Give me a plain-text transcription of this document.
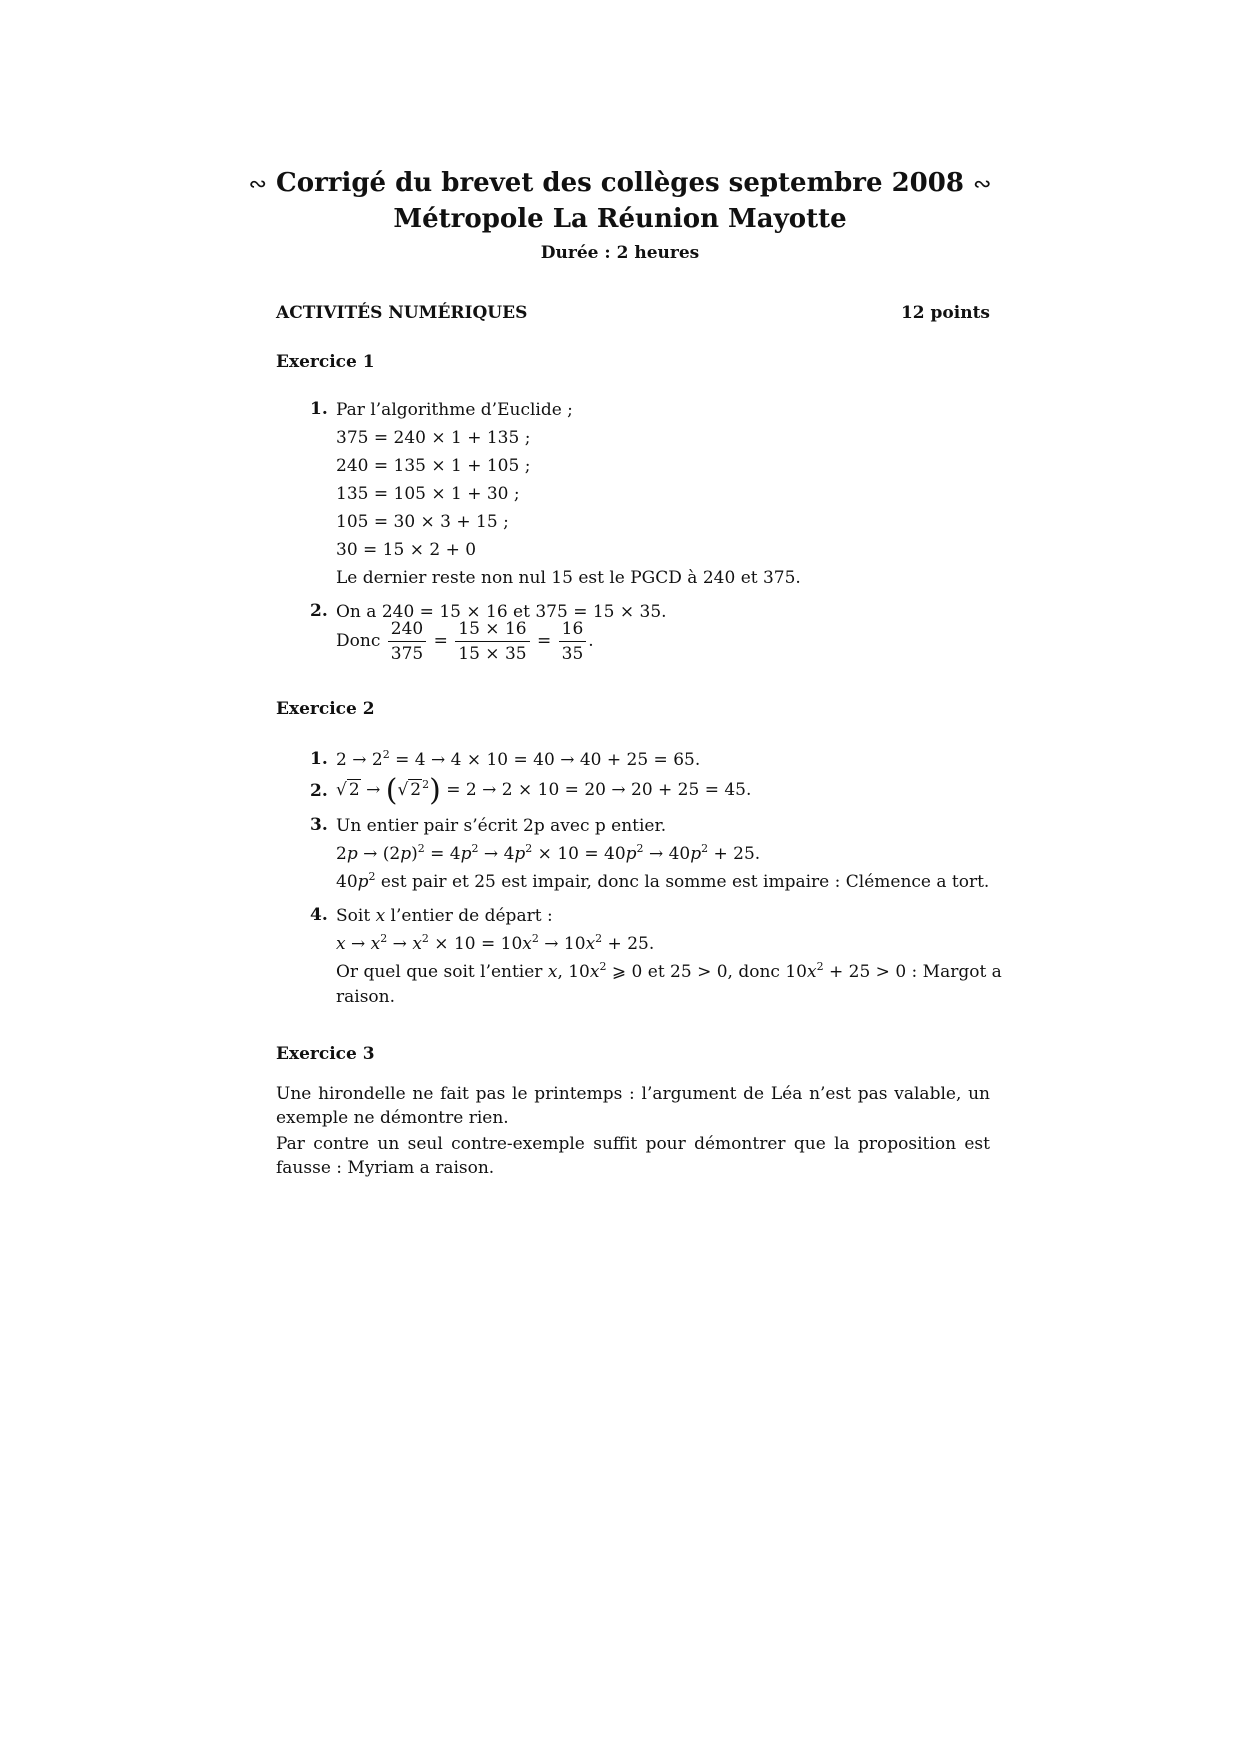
∾ Corrigé du brevet des collèges septembre 2008 ∾
Métropole La Réunion Mayotte
Durée : 2 heures
ACTIVITÉS NUMÉRIQUES	12 points
Exercice 1
1. Par l’algorithme d’Euclide ;
375 = 240 × 1 + 135 ;
240 = 135 × 1 + 105 ;
135 = 105 × 1 + 30 ;
105 = 30 × 3 + 15 ;
30 = 15 × 2 + 0
Le dernier reste non nul 15 est le PGCD à 240 et 375.
2. On a 240 = 15 × 16 et 375 = 15 × 35.
Donc $\frac{240}{375} = \frac{15 \times 16}{15 \times 35} = \frac{16}{35}$ .
Exercice 2
1. $2 \to 2^2 = 4 \to 4 \times 10 = 40 \to 40 + 25 = 65$.
2. √ 2 → (√ $2^2) = 2 \to 2 \times 10 = 20 \to 20 + 25 = 45$.
3. Un entier pair s’écrit 2p avec p entier.
$2p \to (2p)^2 = 4p^2 \to 4p^2 \times 10 = 40p^2 \to 40p^2 + 25$.
$40p^2$ est pair et 25 est impair, donc la somme est impaire : Clémence a tort.
4. Soit x l’entier de départ :
$x \to x^2 \to x^2 \times 10 = 10x^2 \to 10x^2 + 25$.
Or quel que soit l’entier x, $10x^2$ ⩾ 0 et 25 > 0, donc $10x^2 + 25 > 0$ : Margot a
raison.
Exercice 3
Une hirondelle ne fait pas le printemps : l’argument de Léa n’est pas valable, un exemple ne démontre rien.
Par contre un seul contre-exemple suffit pour démontrer que la proposition est fausse : Myriam a raison.
